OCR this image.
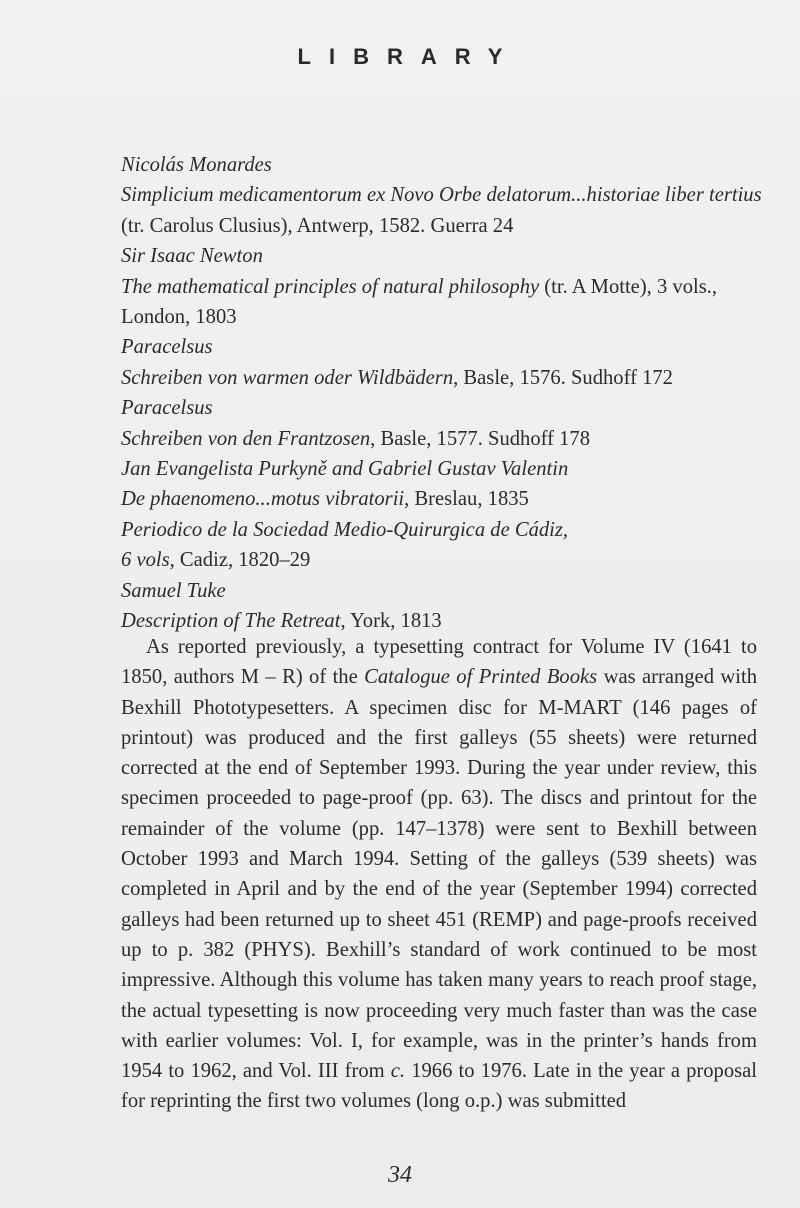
LIBRARY

Nicolás Monardes

Simplicium medicamentorum ex Novo Orbe delatorum...historiae liber tertius

(tr. Carolus Clusius), Antwerp, 1582. Guerra 24

Sir Isaac Newton

The mathematical principles of natural philosophy (tr. A Motte), 3 vols.,

London, 1803

Paracelsus

Schreiben von warmen oder Wildbädern, Basle, 1576. Sudhoff 172

Paracelsus

Schreiben von den Frantzosen, Basle, 1577. Sudhoff 178

Jan Evangelista Purkyně and Gabriel Gustav Valentin

De phaenomeno...motus vibratorii, Breslau, 1835

Periodico de la Sociedad Medio-Quirurgica de Cádiz,

6 vols, Cadiz, 1820–29

Samuel Tuke

Description of The Retreat, York, 1813

As reported previously, a typesetting contract for Volume IV (1641 to 1850, authors M – R) of the Catalogue of Printed Books was arranged with Bexhill Phototypesetters. A specimen disc for M-MART (146 pages of printout) was produced and the first galleys (55 sheets) were returned corrected at the end of September 1993. During the year under review, this specimen proceeded to page-proof (pp. 63). The discs and printout for the remainder of the volume (pp. 147–1378) were sent to Bexhill between October 1993 and March 1994. Setting of the galleys (539 sheets) was completed in April and by the end of the year (September 1994) corrected galleys had been returned up to sheet 451 (REMP) and page-proofs received up to p. 382 (PHYS). Bexhill’s standard of work continued to be most impressive. Although this volume has taken many years to reach proof stage, the actual typesetting is now proceeding very much faster than was the case with earlier volumes: Vol. I, for example, was in the printer’s hands from 1954 to 1962, and Vol. III from c. 1966 to 1976. Late in the year a proposal for reprinting the first two volumes (long o.p.) was submitted

34
